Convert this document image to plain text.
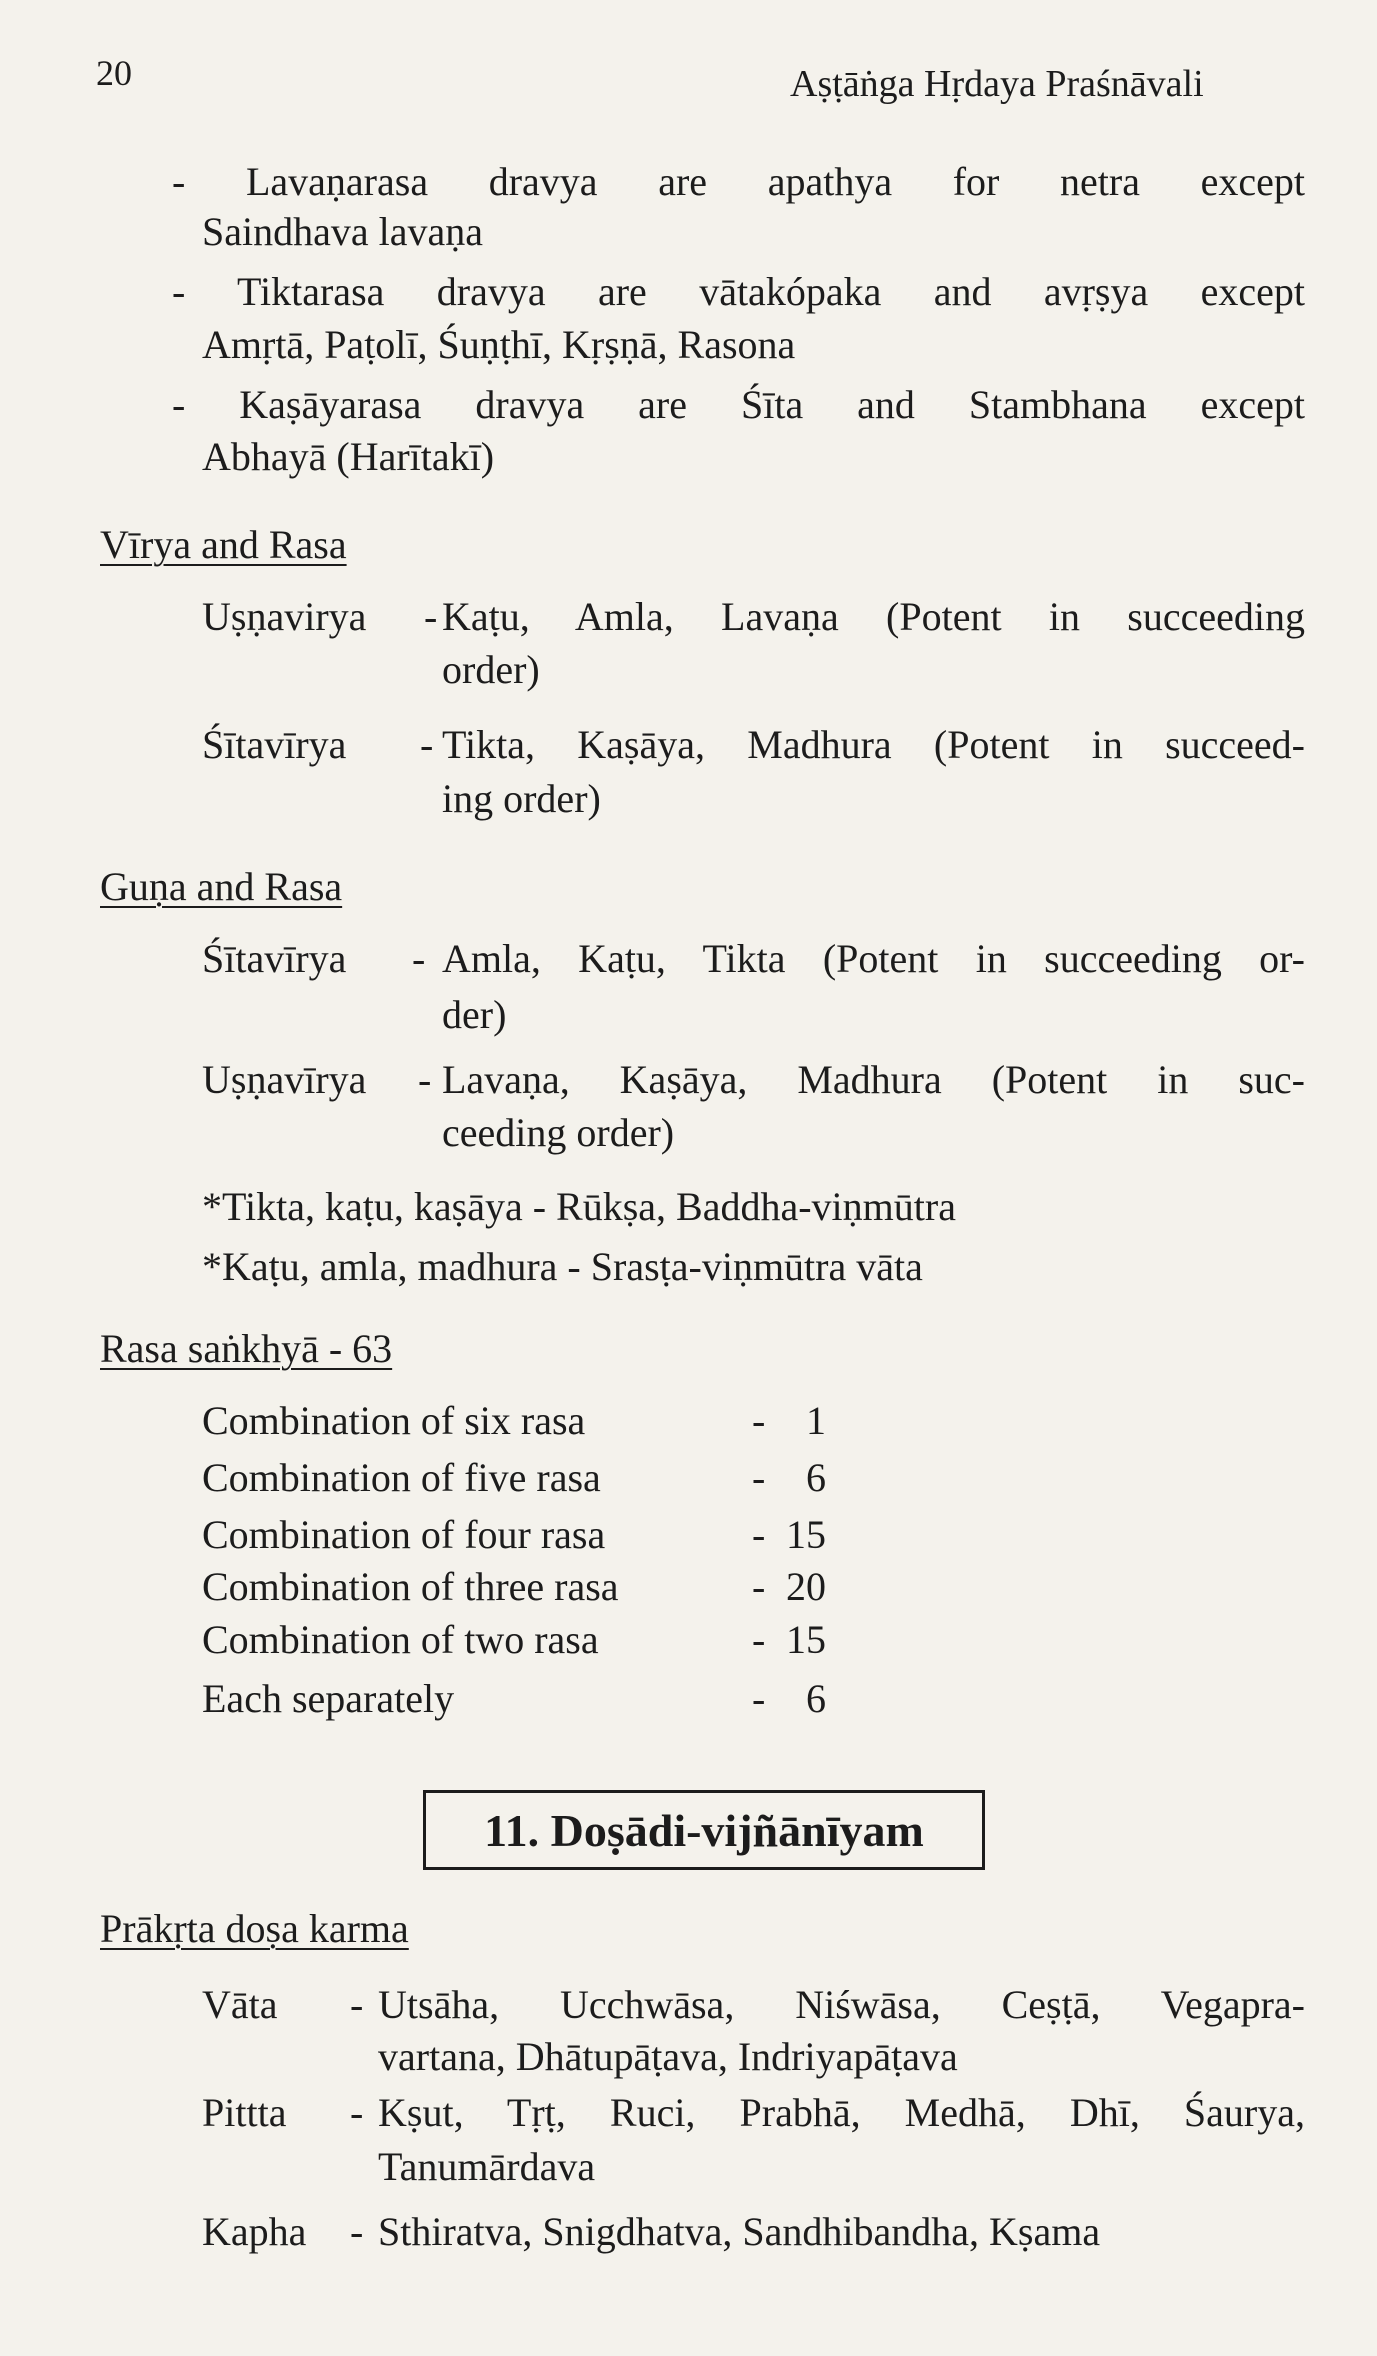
20	Aṣṭāṅga Hṛdaya Praśnāvali
- Lavaṇarasa dravya are apathya for netra except
Saindhava lavaṇa
- Tiktarasa dravya are vātakópaka and avṛṣya except
Amṛtā, Paṭolī, Śuṇṭhī, Kṛṣṇā, Rasona
- Kaṣāyarasa dravya are Śīta and Stambhana except
Abhayā (Harītakī)
Vīrya and Rasa
Uṣṇavirya - Kaṭu, Amla, Lavaṇa (Potent in succeeding
order)
Śītavīrya - Tikta, Kaṣāya, Madhura (Potent in succeed-
ing order)
Guṇa and Rasa
Śītavīrya - Amla, Kaṭu, Tikta (Potent in succeeding or-
der)
Uṣṇavīrya - Lavaṇa, Kaṣāya, Madhura (Potent in suc-
ceeding order)
*Tikta, kaṭu, kaṣāya - Rūkṣa, Baddha-viṇmūtra
*Kaṭu, amla, madhura - Srasṭa-viṇmūtra vāta
Rasa saṅkhyā - 63
Combination of six rasa	- 1
Combination of five rasa	- 6
Combination of four rasa	- 15
Combination of three rasa	- 20
Combination of two rasa	- 15
Each separately	- 6
11. Doṣādi-vijñānīyam
Prākṛta doṣa karma
Vāta - Utsāha, Ucchwāsa, Niśwāsa, Ceṣṭā, Vegapra-
vartana, Dhātupāṭava, Indriyapāṭava
Pittta - Kṣut, Tṛṭ, Ruci, Prabhā, Medhā, Dhī, Śaurya,
Tanumārdava
Kapha - Sthiratva, Snigdhatva, Sandhibandha, Kṣama
